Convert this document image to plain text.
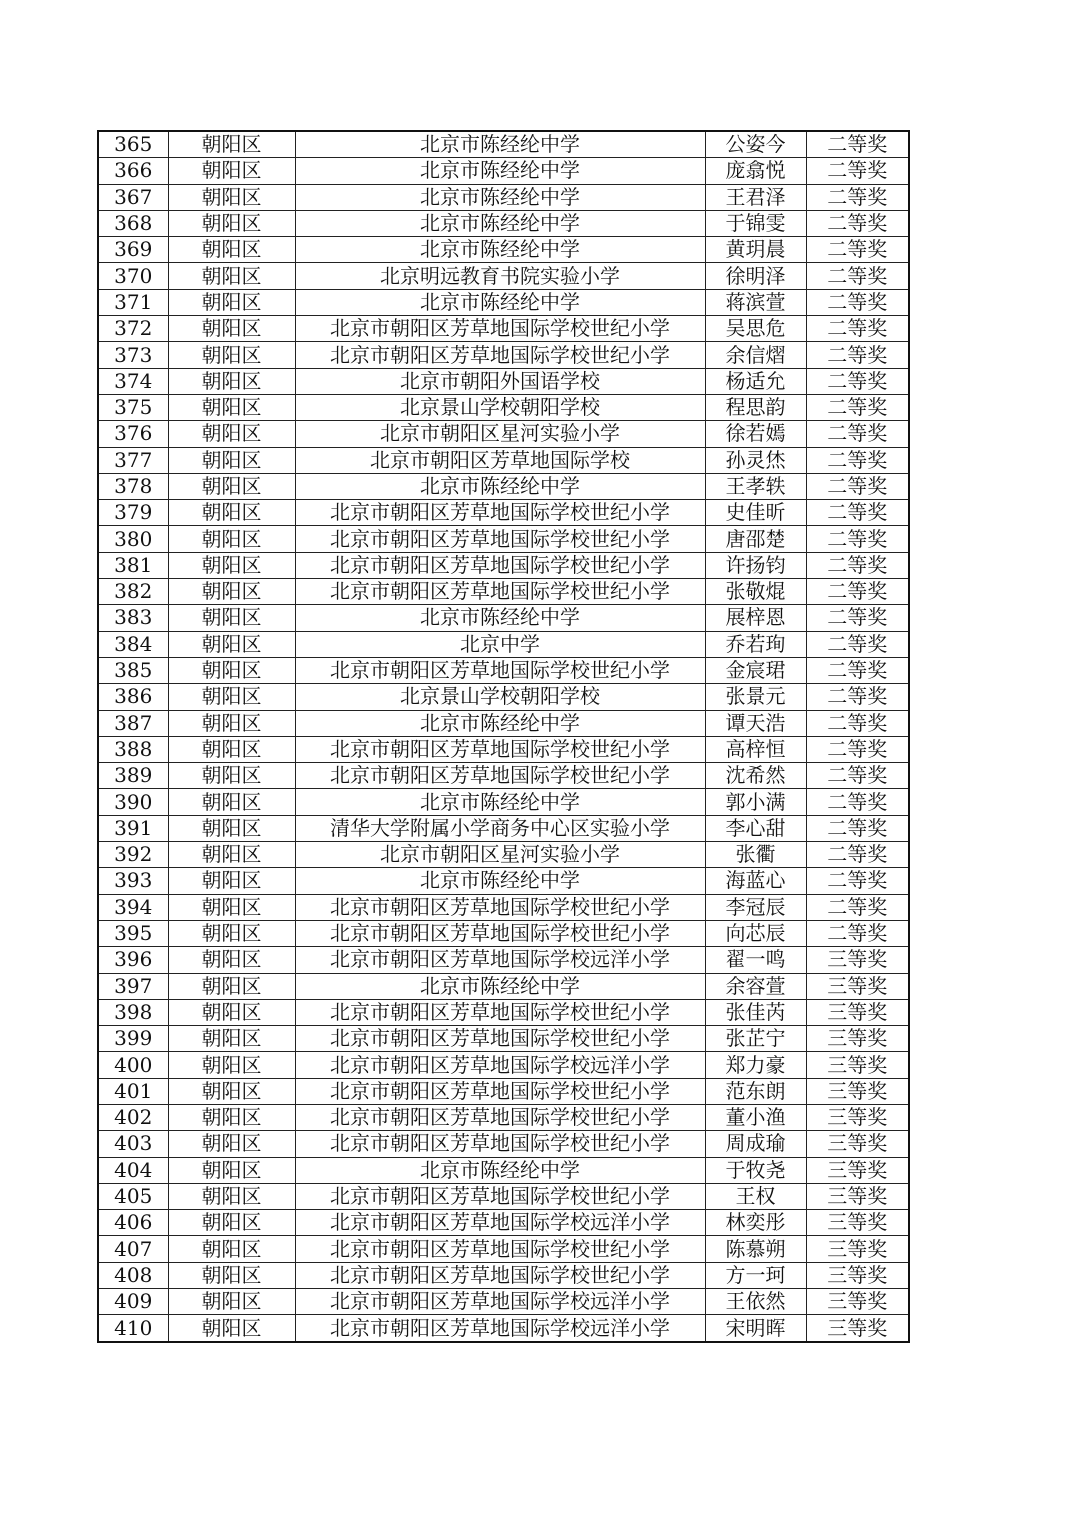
365	朝阳区	北京市陈经纶中学	公姿今	二等奖
366	朝阳区	北京市陈经纶中学	庞翕悦	二等奖
367	朝阳区	北京市陈经纶中学	王君泽	二等奖
368	朝阳区	北京市陈经纶中学	于锦雯	二等奖
369	朝阳区	北京市陈经纶中学	黄玥晨	二等奖
370	朝阳区	北京明远教育书院实验小学	徐明泽	二等奖
371	朝阳区	北京市陈经纶中学	蒋滨萱	二等奖
372	朝阳区	北京市朝阳区芳草地国际学校世纪小学	吴思危	二等奖
373	朝阳区	北京市朝阳区芳草地国际学校世纪小学	余信熠	二等奖
374	朝阳区	北京市朝阳外国语学校	杨适允	二等奖
375	朝阳区	北京景山学校朝阳学校	程思韵	二等奖
376	朝阳区	北京市朝阳区星河实验小学	徐若嫣	二等奖
377	朝阳区	北京市朝阳区芳草地国际学校	孙灵烋	二等奖
378	朝阳区	北京市陈经纶中学	王孝轶	二等奖
379	朝阳区	北京市朝阳区芳草地国际学校世纪小学	史佳昕	二等奖
380	朝阳区	北京市朝阳区芳草地国际学校世纪小学	唐邵楚	二等奖
381	朝阳区	北京市朝阳区芳草地国际学校世纪小学	许扬钧	二等奖
382	朝阳区	北京市朝阳区芳草地国际学校世纪小学	张敬焜	二等奖
383	朝阳区	北京市陈经纶中学	展梓恩	二等奖
384	朝阳区	北京中学	乔若珣	二等奖
385	朝阳区	北京市朝阳区芳草地国际学校世纪小学	金宸珺	二等奖
386	朝阳区	北京景山学校朝阳学校	张景元	二等奖
387	朝阳区	北京市陈经纶中学	谭天浩	二等奖
388	朝阳区	北京市朝阳区芳草地国际学校世纪小学	高梓恒	二等奖
389	朝阳区	北京市朝阳区芳草地国际学校世纪小学	沈希然	二等奖
390	朝阳区	北京市陈经纶中学	郭小满	二等奖
391	朝阳区	清华大学附属小学商务中心区实验小学	李心甜	二等奖
392	朝阳区	北京市朝阳区星河实验小学	张衢	二等奖
393	朝阳区	北京市陈经纶中学	海蓝心	二等奖
394	朝阳区	北京市朝阳区芳草地国际学校世纪小学	李冠辰	二等奖
395	朝阳区	北京市朝阳区芳草地国际学校世纪小学	向芯辰	二等奖
396	朝阳区	北京市朝阳区芳草地国际学校远洋小学	翟一鸣	三等奖
397	朝阳区	北京市陈经纶中学	余容萱	三等奖
398	朝阳区	北京市朝阳区芳草地国际学校世纪小学	张佳芮	三等奖
399	朝阳区	北京市朝阳区芳草地国际学校世纪小学	张芷宁	三等奖
400	朝阳区	北京市朝阳区芳草地国际学校远洋小学	郑力豪	三等奖
401	朝阳区	北京市朝阳区芳草地国际学校世纪小学	范东朗	三等奖
402	朝阳区	北京市朝阳区芳草地国际学校世纪小学	董小渔	三等奖
403	朝阳区	北京市朝阳区芳草地国际学校世纪小学	周成瑜	三等奖
404	朝阳区	北京市陈经纶中学	于牧尧	三等奖
405	朝阳区	北京市朝阳区芳草地国际学校世纪小学	王权	三等奖
406	朝阳区	北京市朝阳区芳草地国际学校远洋小学	林奕彤	三等奖
407	朝阳区	北京市朝阳区芳草地国际学校世纪小学	陈慕朔	三等奖
408	朝阳区	北京市朝阳区芳草地国际学校世纪小学	方一珂	三等奖
409	朝阳区	北京市朝阳区芳草地国际学校远洋小学	王依然	三等奖
410	朝阳区	北京市朝阳区芳草地国际学校远洋小学	宋明晖	三等奖
